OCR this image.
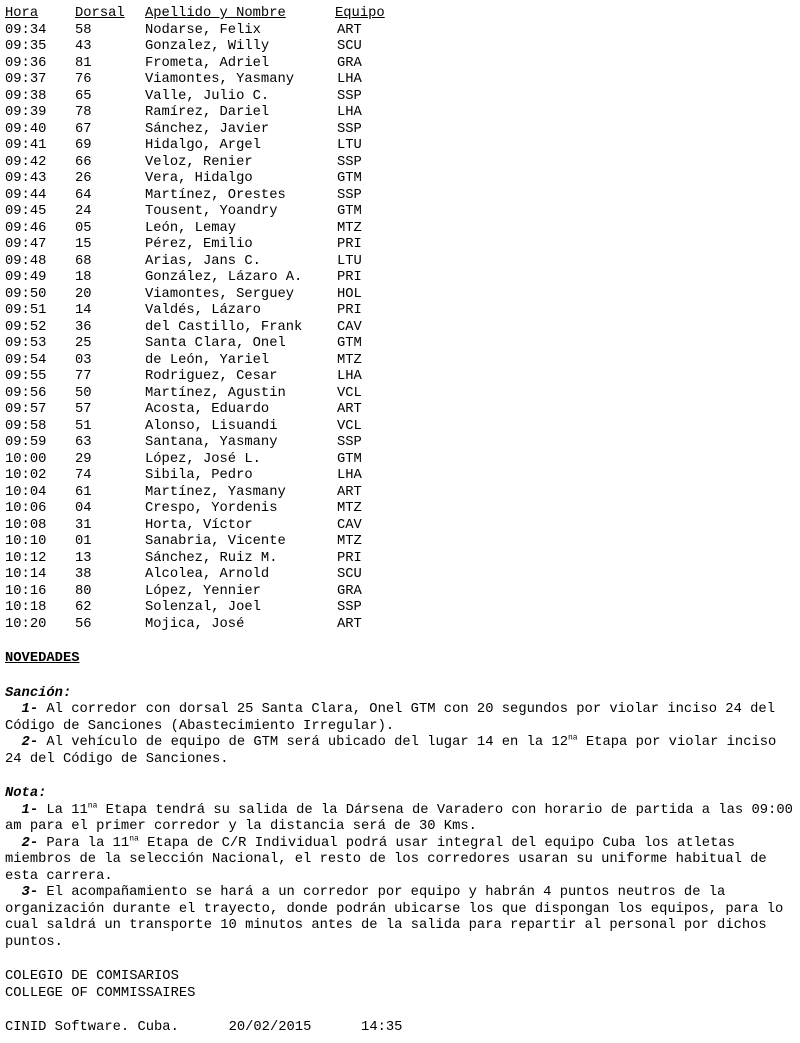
Hora	Dorsal	Apellido y Nombre	Equipo
09:34	58	Nodarse, Felix	ART
09:35	43	Gonzalez, Willy	SCU
09:36	81	Frometa, Adriel	GRA
09:37	76	Viamontes, Yasmany	LHA
09:38	65	Valle, Julio C.	SSP
09:39	78	Ramírez, Dariel	LHA
09:40	67	Sánchez, Javier	SSP
09:41	69	Hidalgo, Argel	LTU
09:42	66	Veloz, Renier	SSP
09:43	26	Vera, Hidalgo	GTM
09:44	64	Martínez, Orestes	SSP
09:45	24	Tousent, Yoandry	GTM
09:46	05	León, Lemay	MTZ
09:47	15	Pérez, Emilio	PRI
09:48	68	Arias, Jans C.	LTU
09:49	18	González, Lázaro A.	PRI
09:50	20	Viamontes, Serguey	HOL
09:51	14	Valdés, Lázaro	PRI
09:52	36	del Castillo, Frank	CAV
09:53	25	Santa Clara, Onel	GTM
09:54	03	de León, Yariel	MTZ
09:55	77	Rodriguez, Cesar	LHA
09:56	50	Martínez, Agustin	VCL
09:57	57	Acosta, Eduardo	ART
09:58	51	Alonso, Lisuandi	VCL
09:59	63	Santana, Yasmany	SSP
10:00	29	López, José L.	GTM
10:02	74	Sibila, Pedro	LHA
10:04	61	Martínez, Yasmany	ART
10:06	04	Crespo, Yordenis	MTZ
10:08	31	Horta, Víctor	CAV
10:10	01	Sanabria, Vicente	MTZ
10:12	13	Sánchez, Ruiz M.	PRI
10:14	38	Alcolea, Arnold	SCU
10:16	80	López, Yennier	GRA
10:18	62	Solenzal, Joel	SSP
10:20	56	Mojica, José	ART
NOVEDADES
Sanción:

1- Al corredor con dorsal 25 Santa Clara, Onel GTM con 20 segundos por violar inciso 24 del Código de Sanciones (Abastecimiento Irregular).

2- Al vehículo de equipo de GTM será ubicado del lugar 14 en la $12^{na}$ Etapa por violar inciso 24 del Código de Sanciones.

Nota:

1- La $11^{na}$ Etapa tendrá su salida de la Dársena de Varadero con horario de partida a las 09:00 am para el primer corredor y la distancia será de 30 Kms.

2- Para la $11^{na}$ Etapa de C/R Individual podrá usar integral del equipo Cuba los atletas miembros de la selección Nacional, el resto de los corredores usaran su uniforme habitual de esta carrera.

3- El acompañamiento se hará a un corredor por equipo y habrán 4 puntos neutros de la organización durante el trayecto, donde podrán ubicarse los que dispongan los equipos, para lo cual saldrá un transporte 10 minutos antes de la salida para repartir al personal por dichos puntos.

COLEGIO DE COMISARIOS
COLLEGE OF COMMISSAIRES
CINID Software. Cuba.	20/02/2015	14:35
